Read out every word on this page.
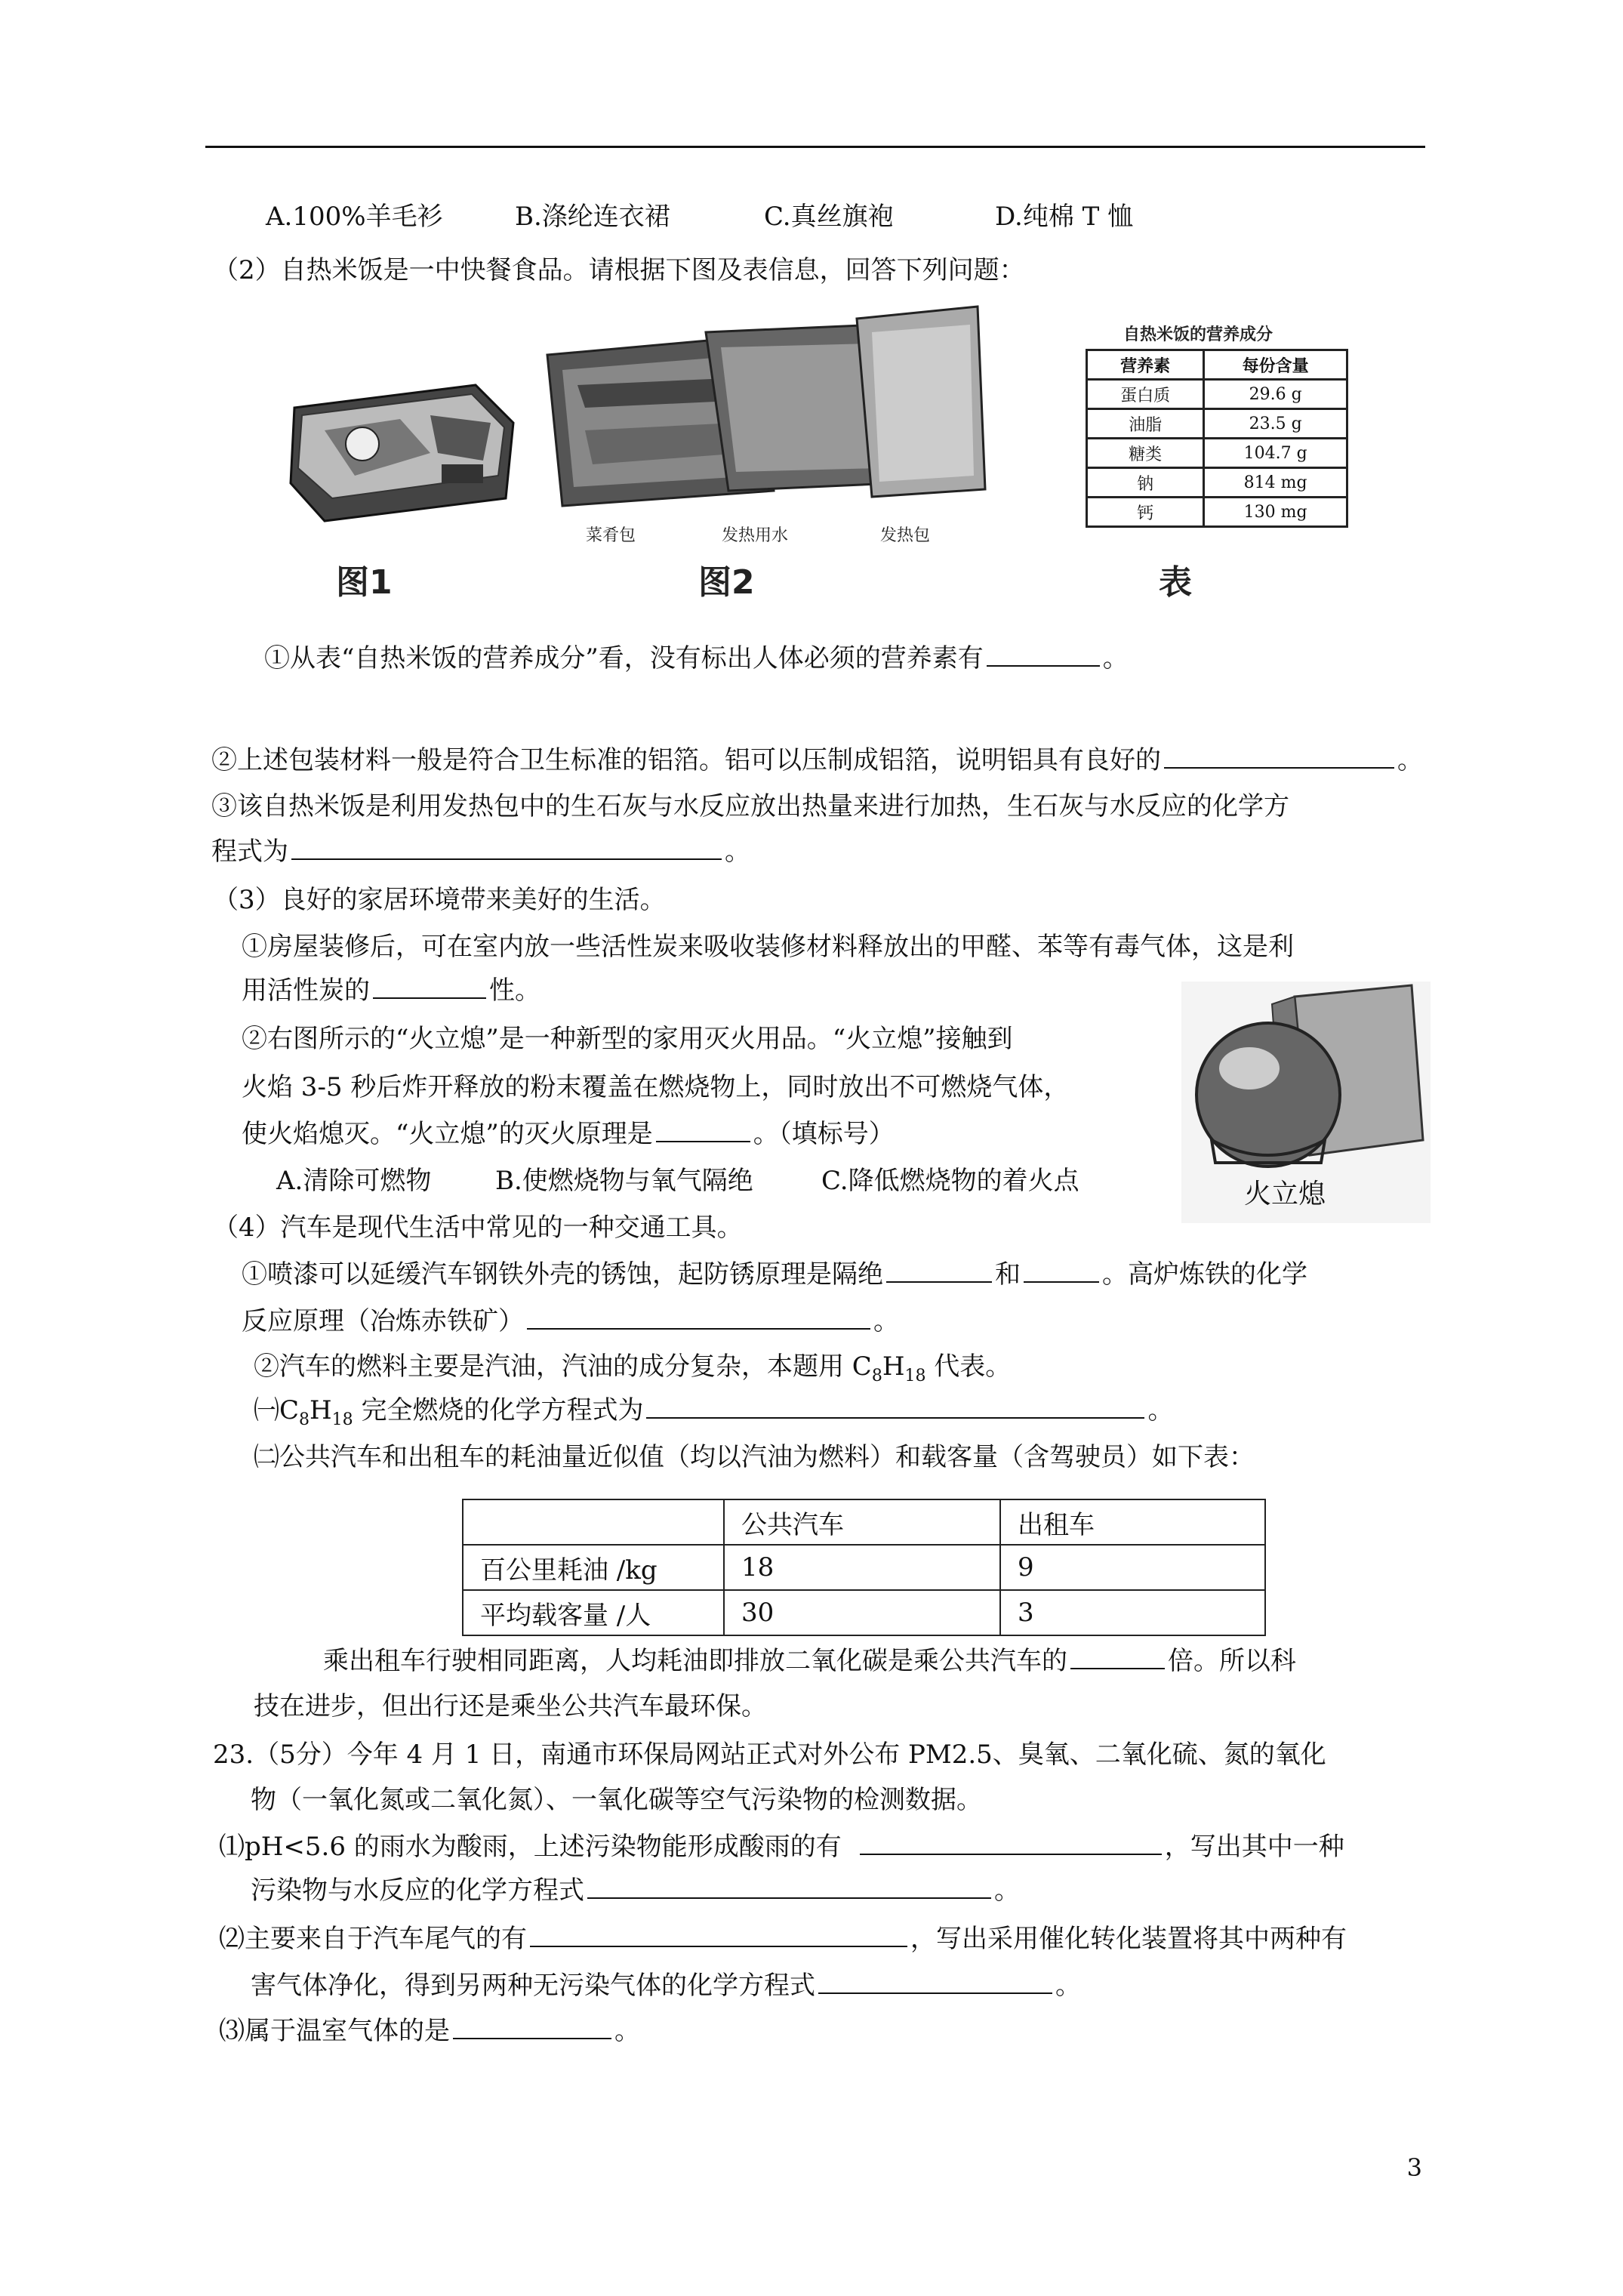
A.100%羊毛衫	B.涤纶连衣裙	C.真丝旗袍	D.纯棉 T 恤
（2）自热米饭是一中快餐食品。请根据下图及表信息，回答下列问题：
图1
菜肴包	发热用水	发热包
图2
自热米饭的营养成分
营养素	每份含量
蛋白质	29.6 g
油脂	23.5 g
糖类	104.7 g
钠	814 mg
钙	130 mg
表
①从表“自热米饭的营养成分”看，没有标出人体必须的营养素有	。
②上述包装材料一般是符合卫生标准的铝箔。铝可以压制成铝箔，说明铝具有良好的	。
③该自热米饭是利用发热包中的生石灰与水反应放出热量来进行加热，生石灰与水反应的化学方
程式为	。
（3）良好的家居环境带来美好的生活。
①房屋装修后，可在室内放一些活性炭来吸收装修材料释放出的甲醛、苯等有毒气体，这是利
用活性炭的	性。
②右图所示的“火立熄”是一种新型的家用灭火用品。“火立熄”接触到
火焰 3-5 秒后炸开释放的粉末覆盖在燃烧物上，同时放出不可燃烧气体，
使火焰熄灭。“火立熄”的灭火原理是	。（填标号）
A.清除可燃物 B.使燃烧物与氧气隔绝	C.降低燃烧物的着火点	火立熄
（4）汽车是现代生活中常见的一种交通工具。
①喷漆可以延缓汽车钢铁外壳的锈蚀，起防锈原理是隔绝	和	。高炉炼铁的化学
反应原理（冶炼赤铁矿）	。
②汽车的燃料主要是汽油，汽油的成分复杂，本题用 $C_8H_{18}$ 代表。
$㈠C_8H_{18}$ 完全燃烧的化学方程式为	。
㈡公共汽车和出租车的耗油量近似值（均以汽油为燃料）和载客量（含驾驶员）如下表：
	公共汽车	出租车
百公里耗油 /kg	18	9
平均载客量 /人	30	3
乘出租车行驶相同距离，人均耗油即排放二氧化碳是乘公共汽车的	倍。所以科
技在进步，但出行还是乘坐公共汽车最环保。
23.（5分）今年 4 月 1 日，南通市环保局网站正式对外公布 PM2.5、臭氧、二氧化硫、氮的氧化
物（一氧化氮或二氧化氮）、一氧化碳等空气污染物的检测数据。
⑴pH<5.6 的雨水为酸雨，上述污染物能形成酸雨的有	，写出其中一种
污染物与水反应的化学方程式	。
⑵主要来自于汽车尾气的有	，写出采用催化转化装置将其中两种有
害气体净化，得到另两种无污染气体的化学方程式	。
⑶属于温室气体的是	。
3
